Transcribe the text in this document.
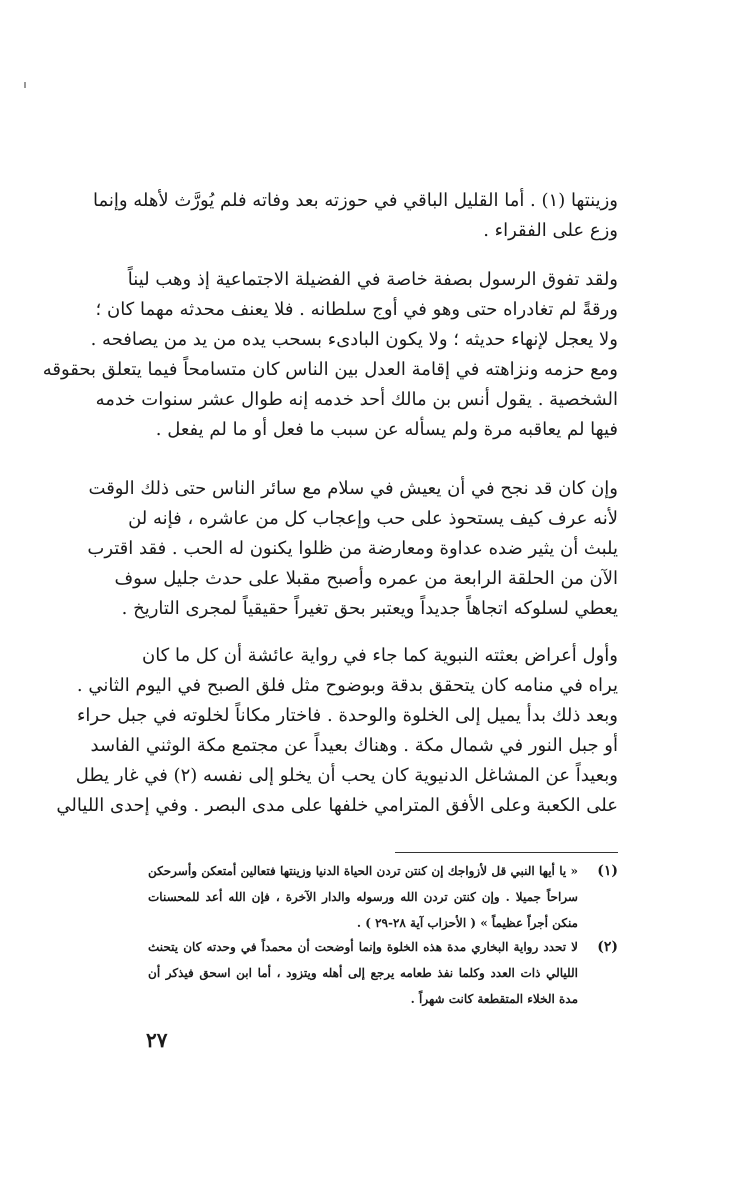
وزينتها (١) . أما القليل الباقي في حوزته بعد وفاته فلم يُورَّث لأهله وإنما
وزع على الفقراء .
ولقد تفوق الرسول بصفة خاصة في الفضيلة الاجتماعية إذ وهب ليناً
ورقةً لم تغادراه حتى وهو في أوج سلطانه . فلا يعنف محدثه مهما كان ؛
ولا يعجل لإنهاء حديثه ؛ ولا يكون البادىء بسحب يده من يد من يصافحه .
ومع حزمه ونزاهته في إقامة العدل بين الناس كان متسامحاً فيما يتعلق بحقوقه
الشخصية . يقول أنس بن مالك أحد خدمه إنه طوال عشر سنوات خدمه
فيها لم يعاقبه مرة ولم يسأله عن سبب ما فعل أو ما لم يفعل .
وإن كان قد نجح في أن يعيش في سلام مع سائر الناس حتى ذلك الوقت
لأنه عرف كيف يستحوذ على حب وإعجاب كل من عاشره ، فإنه لن
يلبث أن يثير ضده عداوة ومعارضة من ظلوا يكنون له الحب . فقد اقترب
الآن من الحلقة الرابعة من عمره وأصبح مقبلا على حدث جليل سوف
يعطي لسلوكه اتجاهاً جديداً ويعتبر بحق تغيراً حقيقياً لمجرى التاريخ .
وأول أعراض بعثته النبوية كما جاء في رواية عائشة أن كل ما كان
يراه في منامه كان يتحقق بدقة وبوضوح مثل فلق الصبح في اليوم الثاني .
وبعد ذلك بدأ يميل إلى الخلوة والوحدة . فاختار مكاناً لخلوته في جبل حراء
أو جبل النور في شمال مكة . وهناك بعيداً عن مجتمع مكة الوثني الفاسد
وبعيداً عن المشاغل الدنيوية كان يحب أن يخلو إلى نفسه (٢) في غار يطل
على الكعبة وعلى الأفق المترامي خلفها على مدى البصر . وفي إحدى الليالي
(١)
« يا أيها النبي قل لأزواجك إن كنتن تردن الحياة الدنيا وزينتها فتعالين أمتعكن وأسرحكن
سراحاً جميلا . وإن كنتن تردن الله ورسوله والدار الآخرة ، فإن الله أعد للمحسنات
منكن أجراً عظيماً » ( الأحزاب آية ٢٨-٢٩ ) .
(٢)
لا تحدد رواية البخاري مدة هذه الخلوة وإنما أوضحت أن محمداً في وحدته كان يتحنث
الليالي ذات العدد وكلما نفذ طعامه يرجع إلى أهله ويتزود ، أما ابن اسحق فيذكر أن
مدة الخلاء المتقطعة كانت شهراً .
٢٧
